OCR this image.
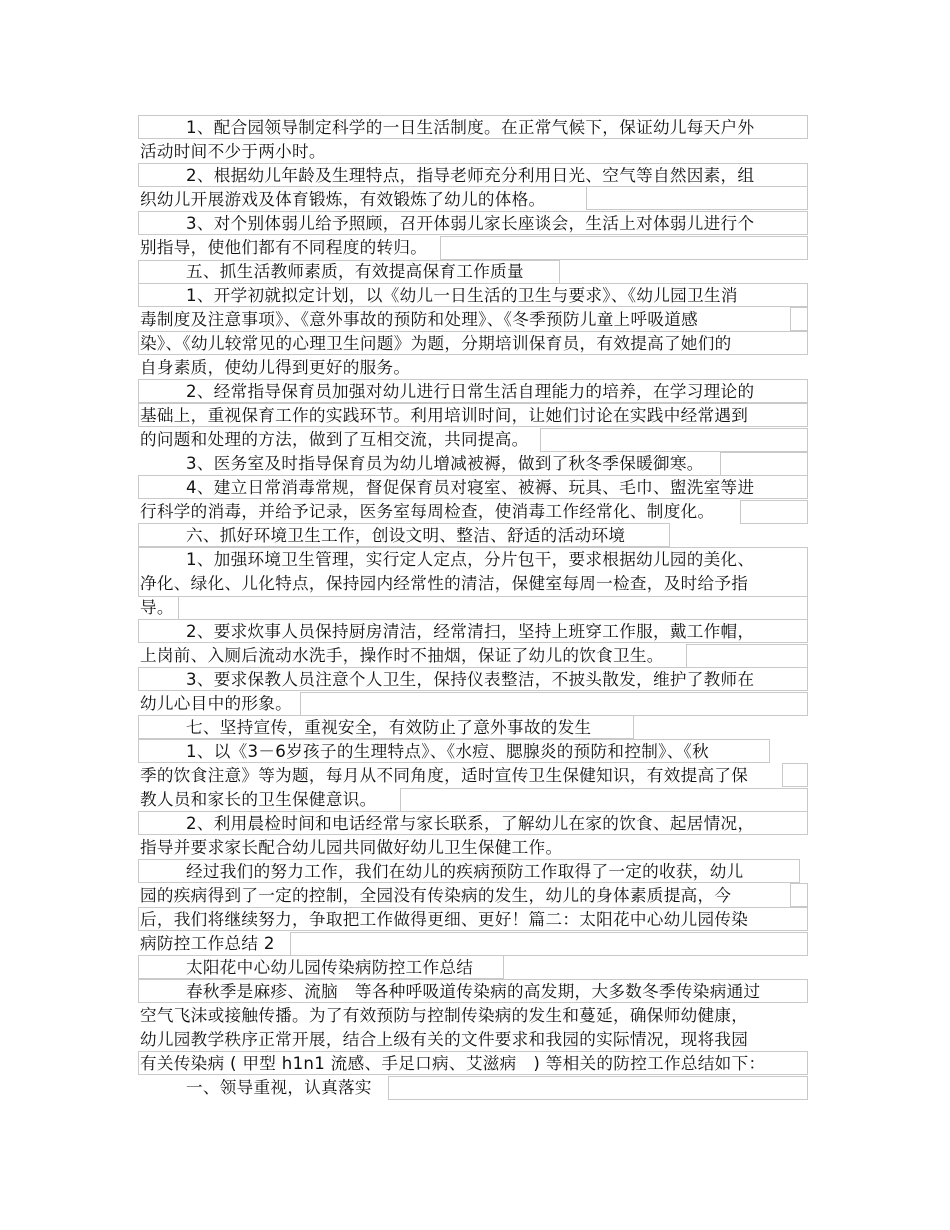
1、配合园领导制定科学的一日生活制度。在正常气候下，保证幼儿每天户外
活动时间不少于两小时。
2、根据幼儿年龄及生理特点，指导老师充分利用日光、空气等自然因素，组
织幼儿开展游戏及体育锻炼，有效锻炼了幼儿的体格。
3、对个别体弱儿给予照顾，召开体弱儿家长座谈会，生活上对体弱儿进行个
别指导，使他们都有不同程度的转归。
五、抓生活教师素质，有效提高保育工作质量
1、开学初就拟定计划，以《幼儿一日生活的卫生与要求》、《幼儿园卫生消
毒制度及注意事项》、《意外事故的预防和处理》、《冬季预防儿童上呼吸道感
染》、《幼儿较常见的心理卫生问题》为题，分期培训保育员，有效提高了她们的
自身素质，使幼儿得到更好的服务。
2、经常指导保育员加强对幼儿进行日常生活自理能力的培养，在学习理论的
基础上，重视保育工作的实践环节。利用培训时间，让她们讨论在实践中经常遇到
的问题和处理的方法，做到了互相交流，共同提高。
3、医务室及时指导保育员为幼儿增减被褥，做到了秋冬季保暖御寒。
4、建立日常消毒常规，督促保育员对寝室、被褥、玩具、毛巾、盥洗室等进
行科学的消毒，并给予记录，医务室每周检查，使消毒工作经常化、制度化。
六、抓好环境卫生工作，创设文明、整洁、舒适的活动环境
1、加强环境卫生管理，实行定人定点，分片包干，要求根据幼儿园的美化、
净化、绿化、儿化特点，保持园内经常性的清洁，保健室每周一检查，及时给予指
导。
2、要求炊事人员保持厨房清洁，经常清扫，坚持上班穿工作服，戴工作帽，
上岗前、入厕后流动水洗手，操作时不抽烟，保证了幼儿的饮食卫生。
3、要求保教人员注意个人卫生，保持仪表整洁，不披头散发，维护了教师在
幼儿心目中的形象。
七、坚持宣传，重视安全，有效防止了意外事故的发生
1、以《3－6岁孩子的生理特点》、《水痘、腮腺炎的预防和控制》、《秋
季的饮食注意》等为题，每月从不同角度，适时宣传卫生保健知识，有效提高了保
教人员和家长的卫生保健意识。
2、利用晨检时间和电话经常与家长联系，了解幼儿在家的饮食、起居情况，
指导并要求家长配合幼儿园共同做好幼儿卫生保健工作。
经过我们的努力工作，我们在幼儿的疾病预防工作取得了一定的收获，幼儿
园的疾病得到了一定的控制，全园没有传染病的发生，幼儿的身体素质提高，今
后，我们将继续努力，争取把工作做得更细、更好！篇二：太阳花中心幼儿园传染
病防控工作总结 2
太阳花中心幼儿园传染病防控工作总结
春秋季是麻疹、流脑　等各种呼吸道传染病的高发期，大多数冬季传染病通过
空气飞沫或接触传播。为了有效预防与控制传染病的发生和蔓延，确保师幼健康，
幼儿园教学秩序正常开展，结合上级有关的文件要求和我园的实际情况，现将我园
有关传染病 ( 甲型 h1n1 流感、手足口病、艾滋病　) 等相关的防控工作总结如下：
一、领导重视，认真落实
